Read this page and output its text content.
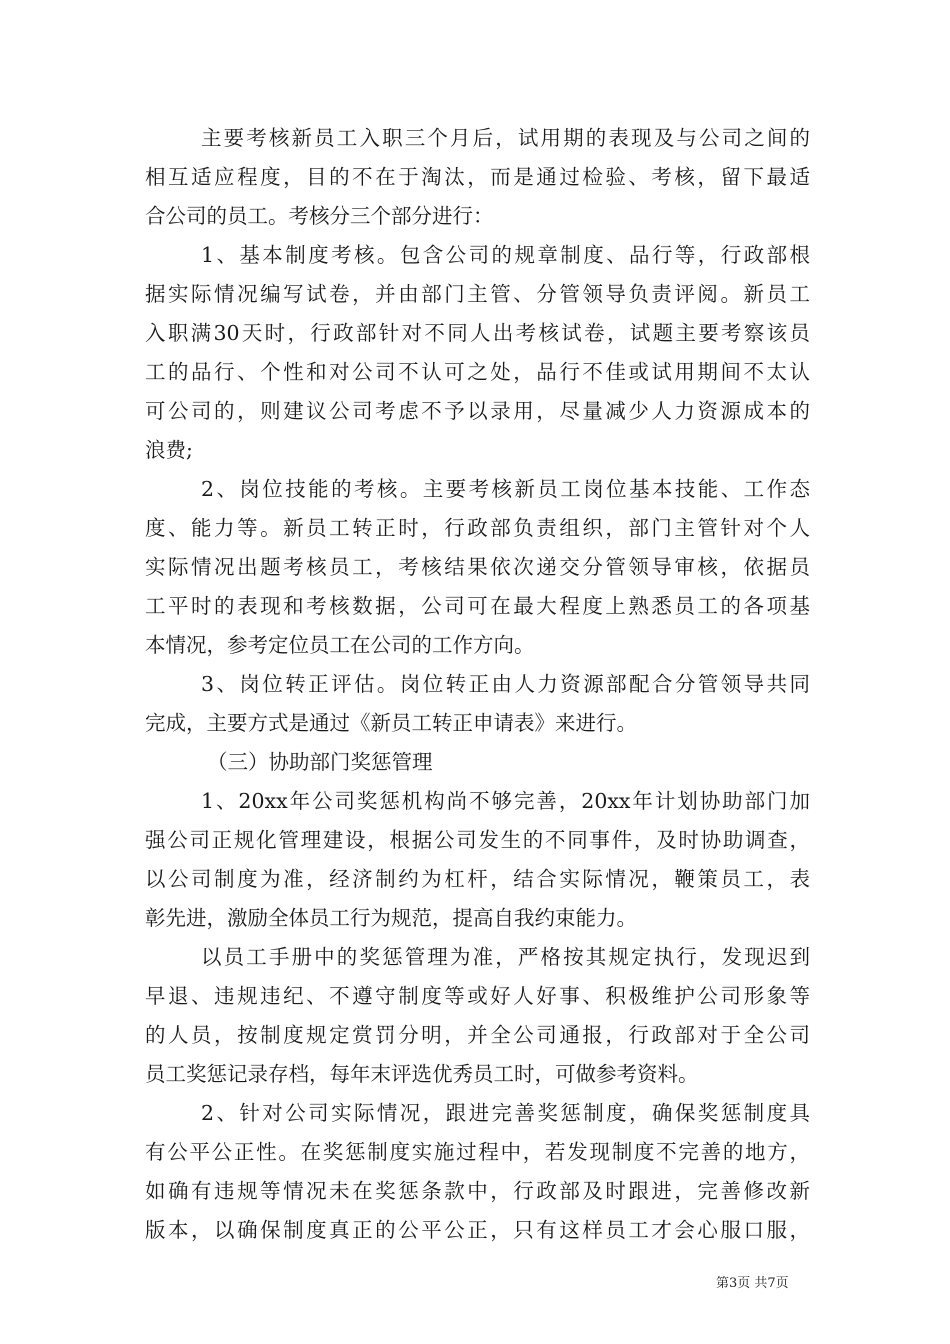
主要考核新员工入职三个月后，试用期的表现及与公司之间的
相互适应程度，目的不在于淘汰，而是通过检验、考核，留下最适
合公司的员工。考核分三个部分进行：
1、基本制度考核。包含公司的规章制度、品行等，行政部根
据实际情况编写试卷，并由部门主管、分管领导负责评阅。新员工
入职满30天时，行政部针对不同人出考核试卷，试题主要考察该员
工的品行、个性和对公司不认可之处，品行不佳或试用期间不太认
可公司的，则建议公司考虑不予以录用，尽量减少人力资源成本的
浪费;
2、岗位技能的考核。主要考核新员工岗位基本技能、工作态
度、能力等。新员工转正时，行政部负责组织，部门主管针对个人
实际情况出题考核员工，考核结果依次递交分管领导审核，依据员
工平时的表现和考核数据，公司可在最大程度上熟悉员工的各项基
本情况，参考定位员工在公司的工作方向。
3、岗位转正评估。岗位转正由人力资源部配合分管领导共同
完成，主要方式是通过《新员工转正申请表》来进行。
（三）协助部门奖惩管理
1、20xx年公司奖惩机构尚不够完善，20xx年计划协助部门加
强公司正规化管理建设，根据公司发生的不同事件，及时协助调查，
以公司制度为准，经济制约为杠杆，结合实际情况，鞭策员工，表
彰先进，激励全体员工行为规范，提高自我约束能力。
以员工手册中的奖惩管理为准，严格按其规定执行，发现迟到
早退、违规违纪、不遵守制度等或好人好事、积极维护公司形象等
的人员，按制度规定赏罚分明，并全公司通报，行政部对于全公司
员工奖惩记录存档，每年末评选优秀员工时，可做参考资料。
2、针对公司实际情况，跟进完善奖惩制度，确保奖惩制度具
有公平公正性。在奖惩制度实施过程中，若发现制度不完善的地方，
如确有违规等情况未在奖惩条款中，行政部及时跟进，完善修改新
版本，以确保制度真正的公平公正，只有这样员工才会心服口服，
第3页 共7页
